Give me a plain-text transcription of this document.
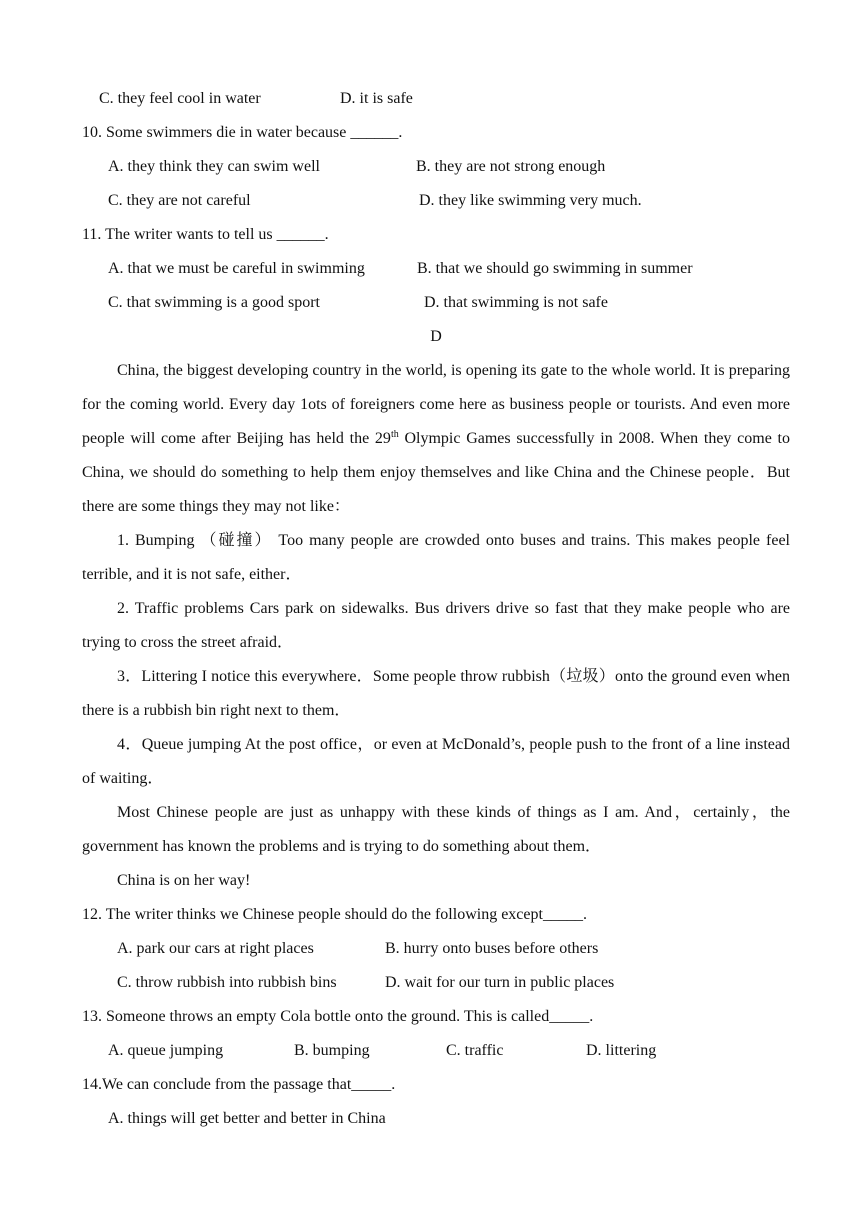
C. they feel cool in water	D. it is safe
10. Some swimmers die in water because ______.
A. they think they can swim well	B. they are not strong enough
C. they are not careful	D. they like swimming very much.
11. The writer wants to tell us ______.
A. that we must be careful in swimming	B. that we should go swimming in summer
C. that swimming is a good sport	D. that swimming is not safe
D

China, the biggest developing country in the world, is opening its gate to the whole world. It is preparing for the coming world. Every day 1ots of foreigners come here as business people or tourists. And even more people will come after Beijing has held the 29th Olympic Games successfully in 2008. When they come to China, we should do something to help them enjoy themselves and like China and the Chinese people．But there are some things they may not like：

1. Bumping （碰撞） Too many people are crowded onto buses and trains. This makes people feel terrible, and it is not safe, either．

2. Traffic problems Cars park on sidewalks. Bus drivers drive so fast that they make people who are trying to cross the street afraid．

3．Littering I notice this everywhere．Some people throw rubbish（垃圾）onto the ground even when there is a rubbish bin right next to them．

4．Queue jumping At the post office，or even at McDonald’s, people push to the front of a line instead of waiting．

Most Chinese people are just as unhappy with these kinds of things as I am. And，certainly，the government has known the problems and is trying to do something about them．

China is on her way!

12. The writer thinks we Chinese people should do the following except_____.
A. park our cars at right places	B. hurry onto buses before others
C. throw rubbish into rubbish bins	D. wait for our turn in public places
13. Someone throws an empty Cola bottle onto the ground. This is called_____.
A. queue jumping	B. bumping	C. traffic	D. littering
14.We can conclude from the passage that_____.
A. things will get better and better in China
